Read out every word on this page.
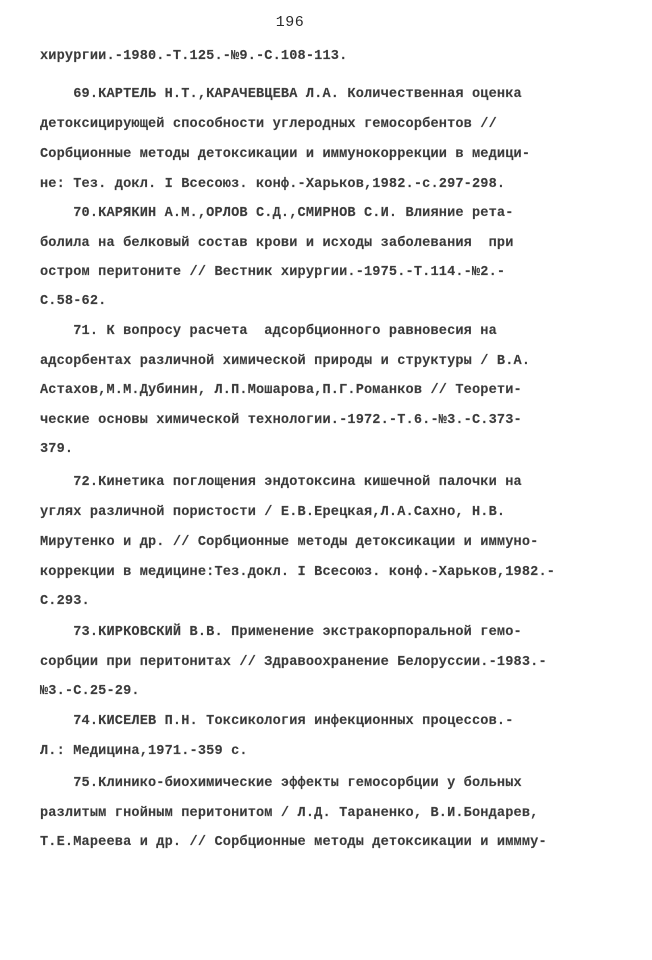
196
хирургии.-1980.-Т.125.-№9.-С.108-113.
69.КАРТЕЛЬ Н.Т.,КАРАЧЕВЦЕВА Л.А. Количественная оценка
детоксицирующей способности углеродных гемосорбентов //
Сорбционные методы детоксикации и иммунокоррекции в медици-
не: Тез. докл. I Всесоюз. конф.-Харьков,1982.-с.297-298.
70.КАРЯКИН А.М.,ОРЛОВ С.Д.,СМИРНОВ С.И. Влияние рета-
болила на белковый состав крови и исходы заболевания  при
остром перитоните // Вестник хирургии.-1975.-Т.114.-№2.-
С.58-62.
71. К вопросу расчета  адсорбционного равновесия на
адсорбентах различной химической природы и структуры / В.А.
Астахов,М.М.Дубинин, Л.П.Мошарова,П.Г.Романков // Теорети-
ческие основы химической технологии.-1972.-Т.6.-№3.-С.373-
379.
72.Кинетика поглощения эндотоксина кишечной палочки на
углях различной пористости / Е.В.Ерецкая,Л.А.Сахно, Н.В.
Мирутенко и др. // Сорбционные методы детоксикации и иммуно-
коррекции в медицине:Тез.докл. I Всесоюз. конф.-Харьков,1982.-
С.293.
73.КИРКОВСКИЙ В.В. Применение экстракорпоральной гемо-
сорбции при перитонитах // Здравоохранение Белоруссии.-1983.-
№3.-С.25-29.
74.КИСЕЛЕВ П.Н. Токсикология инфекционных процессов.-
Л.: Медицина,1971.-359 с.
75.Клинико-биохимические эффекты гемосорбции у больных
разлитым гнойным перитонитом / Л.Д. Тараненко, В.И.Бондарев,
Т.Е.Мареева и др. // Сорбционные методы детоксикации и иммму-
